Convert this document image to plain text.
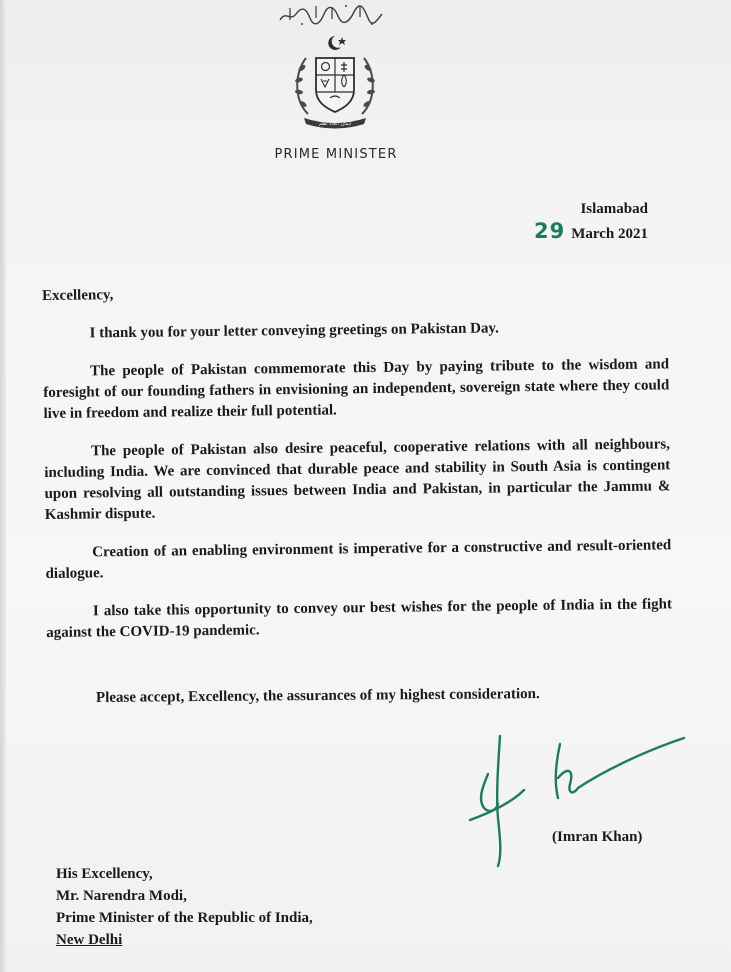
ایمان اتحاد نظم
PRIME MINISTER
Islamabad
29 March 2021

Excellency,

I thank you for your letter conveying greetings on Pakistan Day.

The people of Pakistan commemorate this Day by paying tribute to the wisdom and foresight of our founding fathers in envisioning an independent, sovereign state where they could live in freedom and realize their full potential.

The people of Pakistan also desire peaceful, cooperative relations with all neighbours, including India. We are convinced that durable peace and stability in South Asia is contingent upon resolving all outstanding issues between India and Pakistan, in particular the Jammu & Kashmir dispute.

Creation of an enabling environment is imperative for a constructive and result-oriented dialogue.

I also take this opportunity to convey our best wishes for the people of India in the fight against the COVID-19 pandemic.

Please accept, Excellency, the assurances of my highest consideration.
(Imran Khan)
His Excellency,
Mr. Narendra Modi,
Prime Minister of the Republic of India,
New Delhi
